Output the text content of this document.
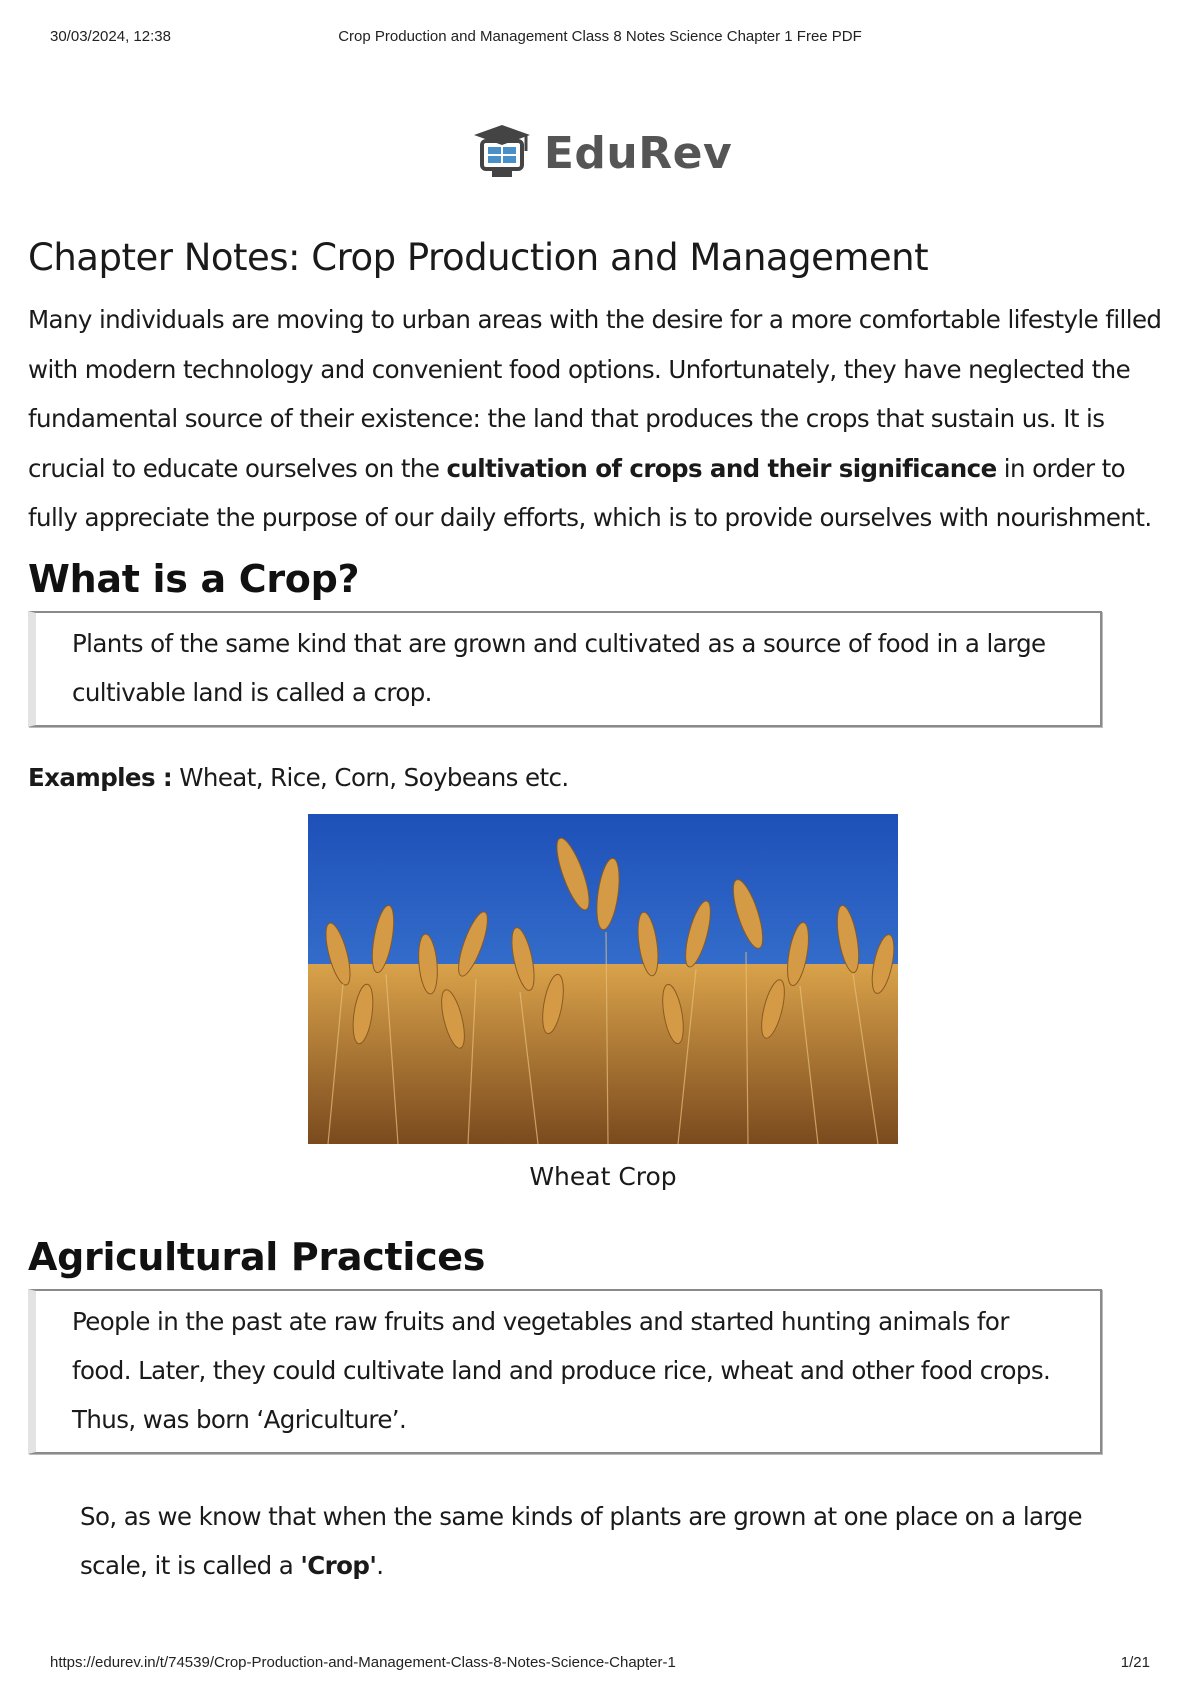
Crop Production and Management Class 8 Notes Science Chapter 1 Free PDF
30/03/2024, 12:38
EduRev
Chapter Notes: Crop Production and Management

Many individuals are moving to urban areas with the desire for a more comfortable lifestyle filled with modern technology and convenient food options. Unfortunately, they have neglected the fundamental source of their existence: the land that produces the crops that sustain us. It is crucial to educate ourselves on the cultivation of crops and their significance in order to fully appreciate the purpose of our daily efforts, which is to provide ourselves with nourishment.

What is a Crop?
Plants of the same kind that are grown and cultivated as a source of food in a large cultivable land is called a crop.
Examples : Wheat, Rice, Corn, Soybeans etc.
Wheat Crop
Agricultural Practices
People in the past ate raw fruits and vegetables and started hunting animals for food. Later, they could cultivate land and produce rice, wheat and other food crops. Thus, was born ‘Agriculture’.

So, as we know that when the same kinds of plants are grown at one place on a large scale, it is called a 'Crop'.

https://edurev.in/t/74539/Crop-Production-and-Management-Class-8-Notes-Science-Chapter-1	1/21
